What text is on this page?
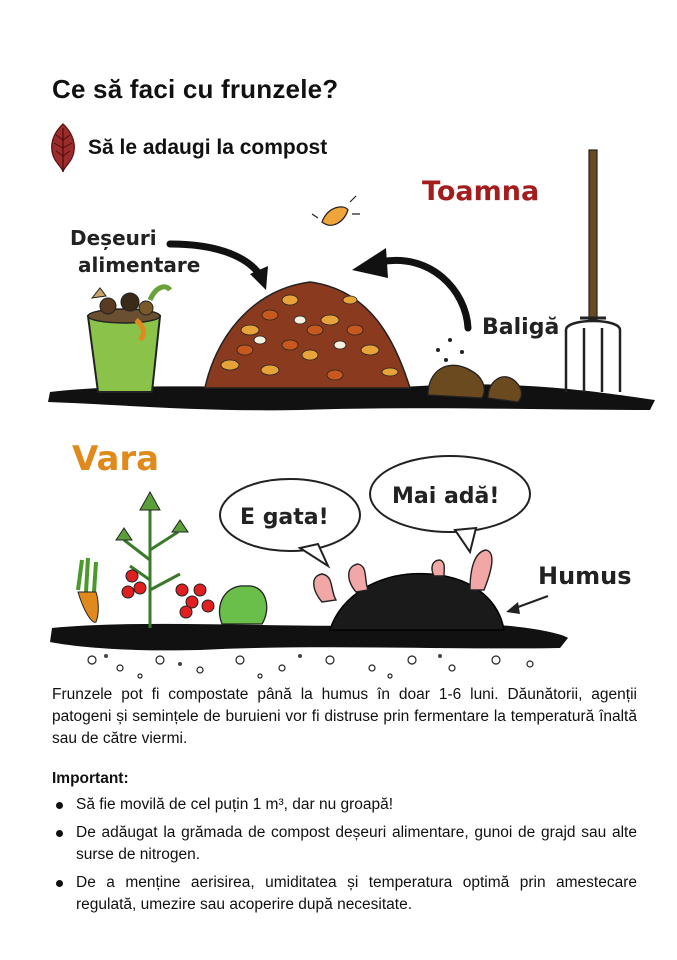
Ce să faci cu frunzele?
Să le adaugi la compost
Toamna
Deșeuri
alimentare
Baligă
Vara
E gata!
Mai adă!
Humus
Frunzele pot fi compostate până la humus în doar 1-6 luni. Dăunătorii, agenții patogeni și semințele de buruieni vor fi distruse prin fermentare la temperatură înaltă sau de către viermi.
Important:
Să fie movilă de cel puțin 1 m³, dar nu groapă!
De adăugat la grămada de compost deșeuri alimentare, gunoi de grajd sau alte surse de nitrogen.
De a menține aerisirea, umiditatea și temperatura optimă prin amestecare regulată, umezire sau acoperire după necesitate.
